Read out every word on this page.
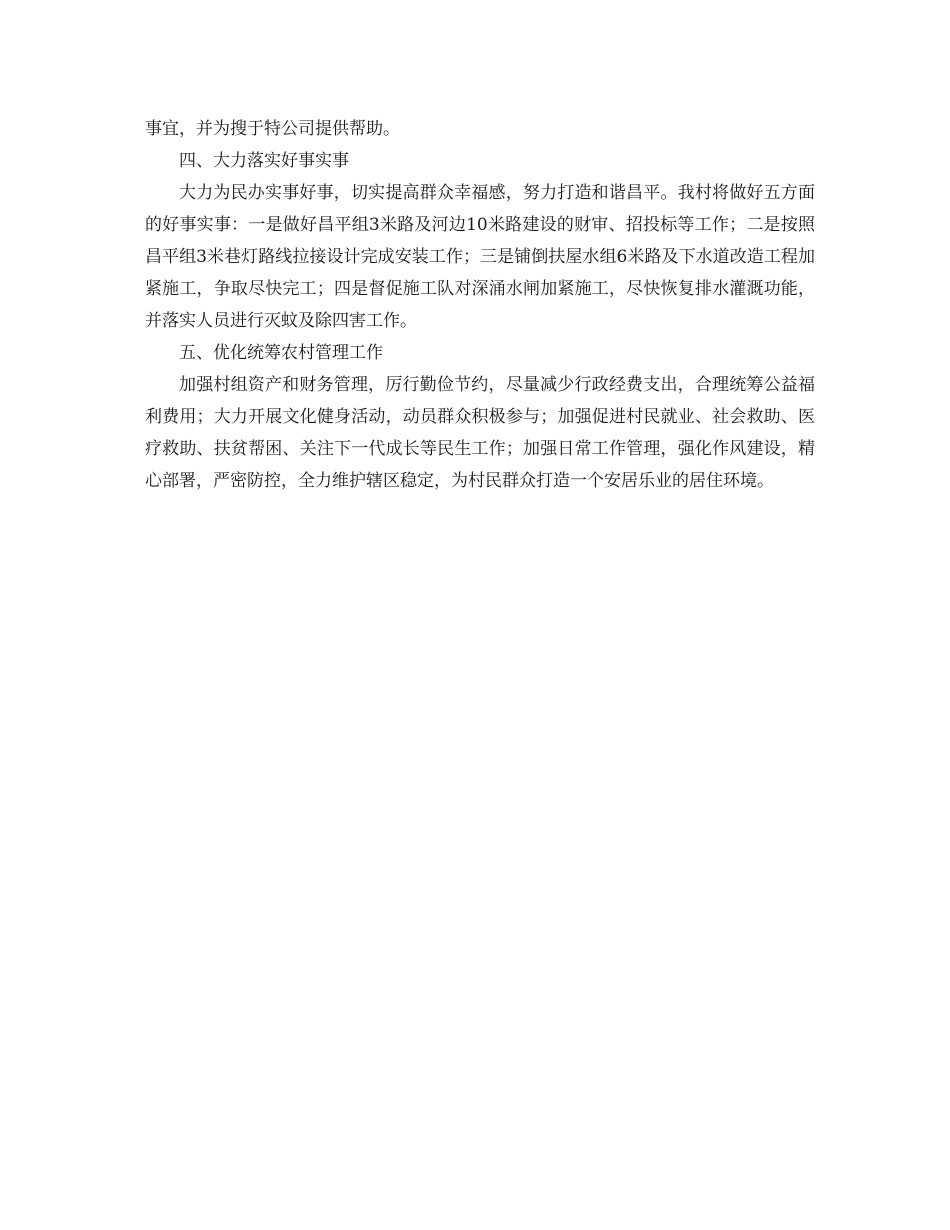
事宜，并为搜于特公司提供帮助。

四、大力落实好事实事

大力为民办实事好事，切实提高群众幸福感，努力打造和谐昌平。我村将做好五方面的好事实事：一是做好昌平组3米路及河边10米路建设的财审、招投标等工作；二是按照昌平组3米巷灯路线拉接设计完成安装工作；三是铺倒扶屋水组6米路及下水道改造工程加紧施工，争取尽快完工；四是督促施工队对深涌水闸加紧施工，尽快恢复排水灌溉功能，并落实人员进行灭蚊及除四害工作。

五、优化统筹农村管理工作

加强村组资产和财务管理，厉行勤俭节约，尽量减少行政经费支出，合理统筹公益福利费用；大力开展文化健身活动，动员群众积极参与；加强促进村民就业、社会救助、医疗救助、扶贫帮困、关注下一代成长等民生工作；加强日常工作管理，强化作风建设，精心部署，严密防控，全力维护辖区稳定，为村民群众打造一个安居乐业的居住环境。
